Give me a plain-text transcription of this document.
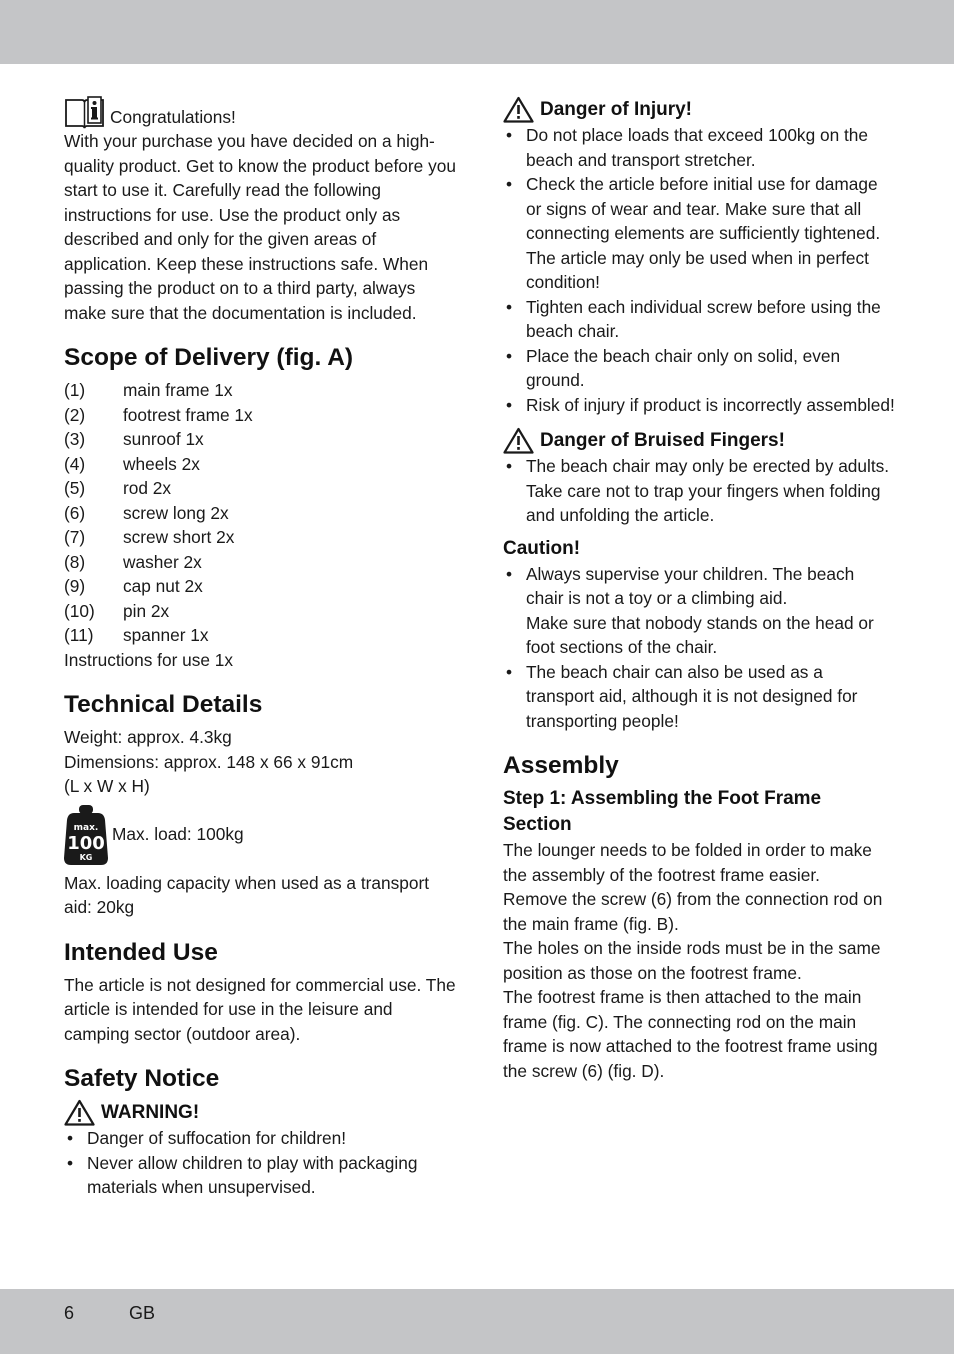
Congratulations!

With your purchase you have decided on a high-quality product. Get to know the product before you start to use it. Carefully read the following instructions for use. Use the product only as described and only for the given areas of application. Keep these instructions safe. When passing the product on to a third party, always make sure that the documentation is included.

Scope of Delivery (fig. A)
(1)	main frame 1x
(2)	footrest frame 1x
(3)	sunroof 1x
(4)	wheels 2x
(5)	rod 2x
(6)	screw long 2x
(7)	screw short 2x
(8)	washer 2x
(9)	cap nut 2x
(10)	pin 2x
(11)	spanner 1x

Instructions for use 1x

Technical Details

Weight: approx. 4.3kg

Dimensions: approx. 148 x 66 x 91cm

(L x W x H)

max.
100
KG
Max. load: 100kg

Max. loading capacity when used as a transport aid: 20kg

Intended Use

The article is not designed for commercial use. The article is intended for use in the leisure and camping sector (outdoor area).

Safety Notice
WARNING!
• Danger of suffocation for children!
• Never allow children to play with packaging materials when unsupervised.
Danger of Injury!
• Do not place loads that exceed 100kg on the beach and transport stretcher.
• Check the article before initial use for damage or signs of wear and tear. Make sure that all connecting elements are sufficiently tightened. The article may only be used when in perfect condition!
• Tighten each individual screw before using the beach chair.
• Place the beach chair only on solid, even ground.
• Risk of injury if product is incorrectly assembled!
Danger of Bruised Fingers!
• The beach chair may only be erected by adults. Take care not to trap your fingers when folding and unfolding the article.
Caution!
• Always supervise your children. The beach chair is not a toy or a climbing aid.
Make sure that nobody stands on the head or foot sections of the chair.
• The beach chair can also be used as a transport aid, although it is not designed for transporting people!
Assembly
Step 1: Assembling the Foot Frame Section

The lounger needs to be folded in order to make the assembly of the footrest frame easier.

Remove the screw (6) from the connection rod on the main frame (fig. B).

The holes on the inside rods must be in the same position as those on the footrest frame.

The footrest frame is then attached to the main frame (fig. C). The connecting rod on the main frame is now attached to the footrest frame using the screw (6) (fig. D).

6	GB
